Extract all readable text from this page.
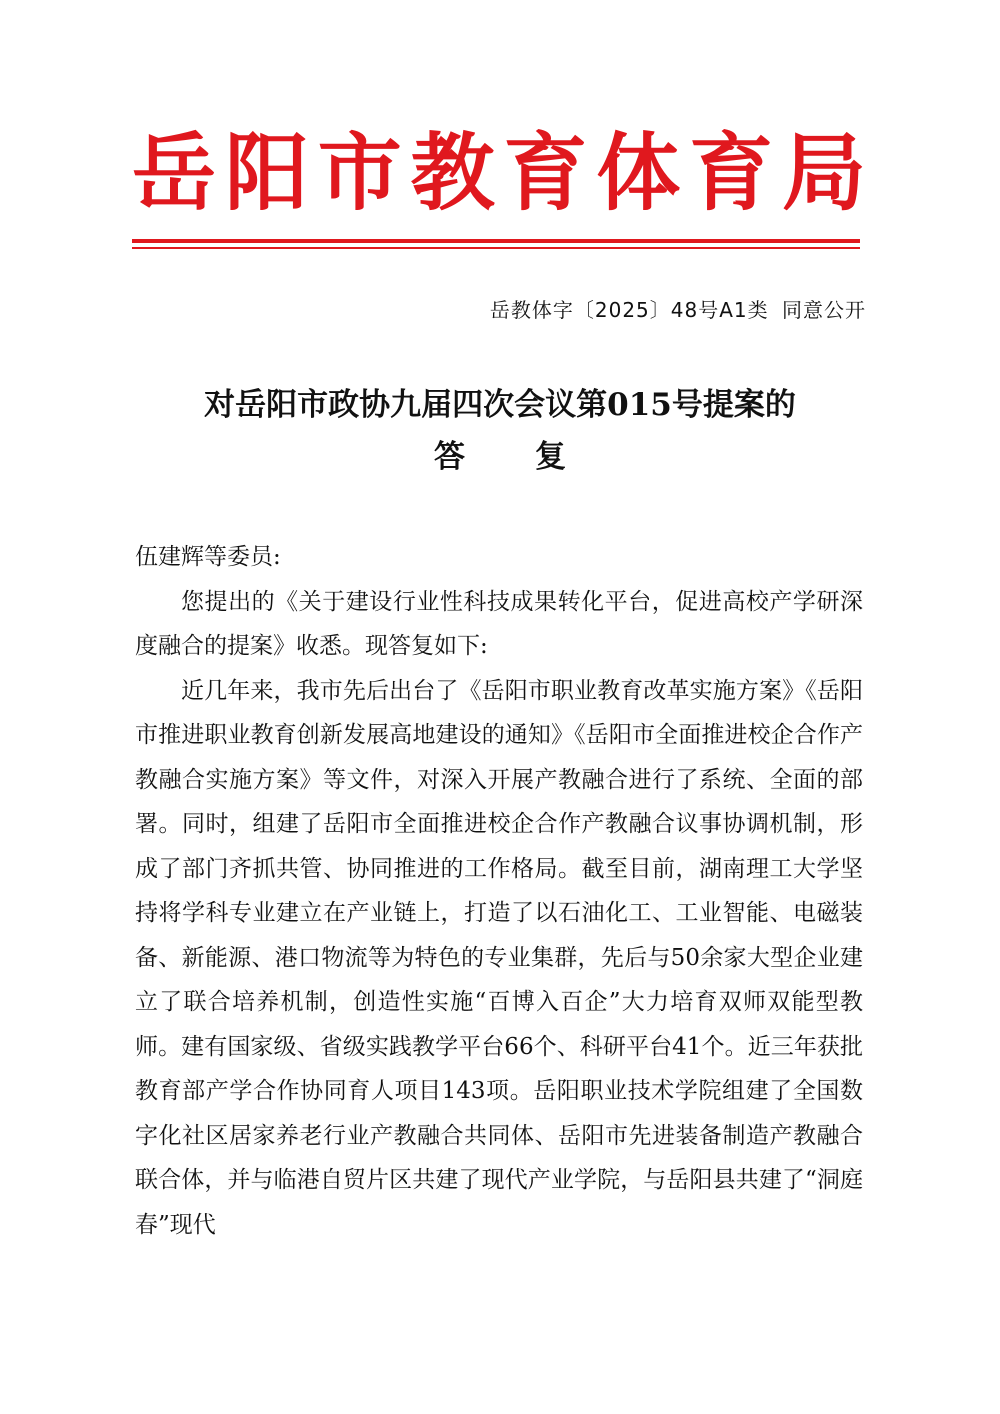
岳阳市教育体育局
岳教体字〔2025〕48号A1类 同意公开
对岳阳市政协九届四次会议第015号提案的
答复

伍建辉等委员:

您提出的《关于建设行业性科技成果转化平台，促进高校产学研深度融合的提案》收悉。现答复如下:

近几年来，我市先后出台了《岳阳市职业教育改革实施方案》《岳阳市推进职业教育创新发展高地建设的通知》《岳阳市全面推进校企合作产教融合实施方案》等文件，对深入开展产教融合进行了系统、全面的部署。同时，组建了岳阳市全面推进校企合作产教融合议事协调机制，形成了部门齐抓共管、协同推进的工作格局。截至目前，湖南理工大学坚持将学科专业建立在产业链上，打造了以石油化工、工业智能、电磁装备、新能源、港口物流等为特色的专业集群，先后与50余家大型企业建立了联合培养机制，创造性实施“百博入百企”大力培育双师双能型教师。建有国家级、省级实践教学平台66个、科研平台41个。近三年获批教育部产学合作协同育人项目143项。岳阳职业技术学院组建了全国数字化社区居家养老行业产教融合共同体、岳阳市先进装备制造产教融合联合体，并与临港自贸片区共建了现代产业学院，与岳阳县共建了“洞庭春”现代
